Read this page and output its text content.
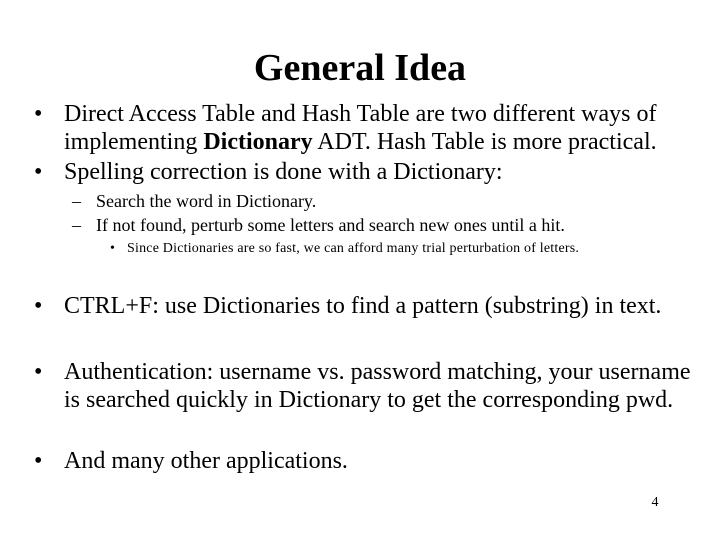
General Idea
• Direct Access Table and Hash Table are two different ways of implementing Dictionary ADT. Hash Table is more practical.
• Spelling correction is done with a Dictionary:
– Search the word in Dictionary.
– If not found, perturb some letters and search new ones until a hit.
• Since Dictionaries are so fast, we can afford many trial perturbation of letters.
• CTRL+F: use Dictionaries to find a pattern (substring) in text.
• Authentication: username vs. password matching, your username is searched quickly in Dictionary to get the corresponding pwd.
• And many other applications.
4
